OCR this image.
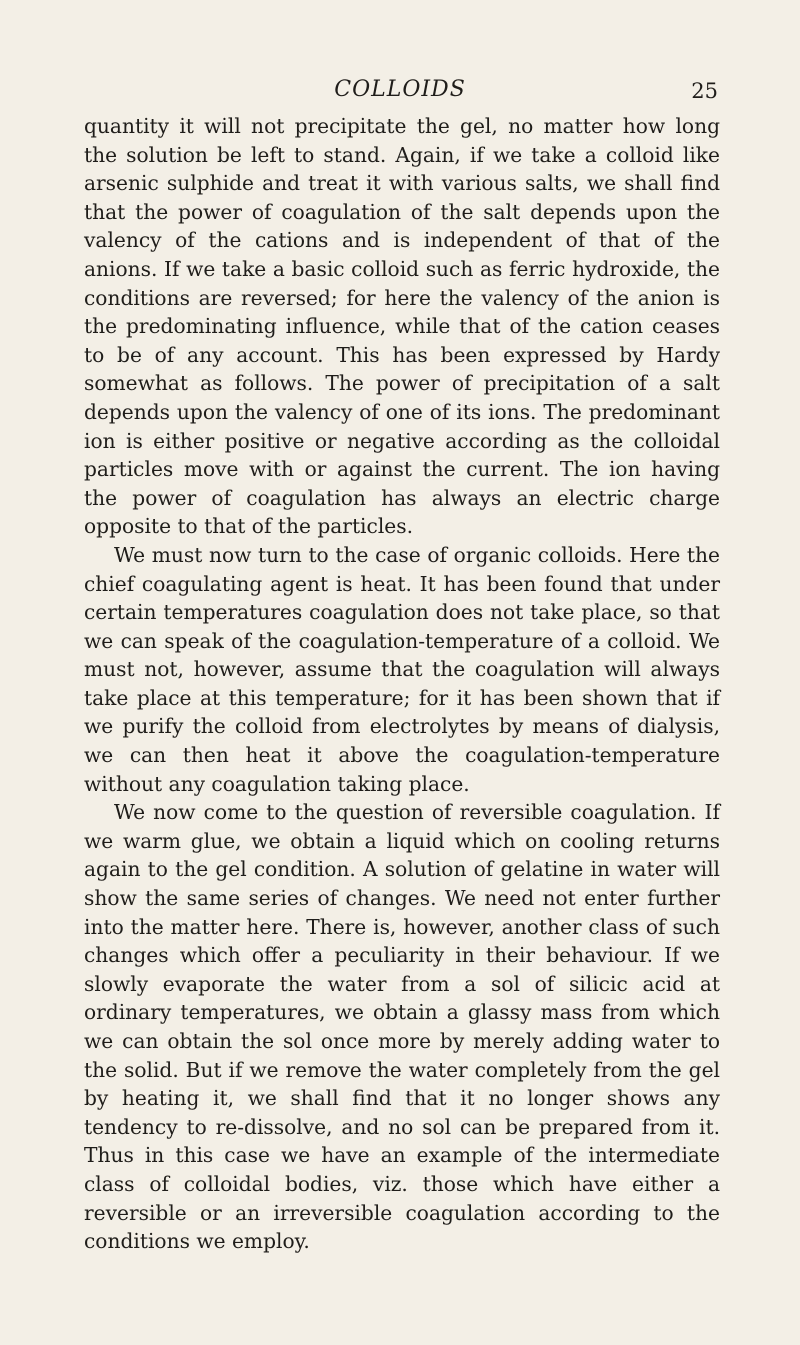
COLLOIDS	25

quantity it will not precipitate the gel, no matter how long the solution be left to stand. Again, if we take a colloid like arsenic sulphide and treat it with various salts, we shall find that the power of coagulation of the salt depends upon the valency of the cations and is independent of that of the anions. If we take a basic colloid such as ferric hydroxide, the conditions are reversed; for here the valency of the anion is the predominating influence, while that of the cation ceases to be of any account. This has been expressed by Hardy somewhat as follows. The power of precipitation of a salt depends upon the valency of one of its ions. The predominant ion is either positive or negative according as the colloidal particles move with or against the current. The ion having the power of coagulation has always an electric charge opposite to that of the particles.

We must now turn to the case of organic colloids. Here the chief coagulating agent is heat. It has been found that under certain temperatures coagulation does not take place, so that we can speak of the coagulation-temperature of a colloid. We must not, however, assume that the coagulation will always take place at this temperature; for it has been shown that if we purify the colloid from electrolytes by means of dialysis, we can then heat it above the coagulation-temperature without any coagulation taking place.

We now come to the question of reversible coagulation. If we warm glue, we obtain a liquid which on cooling returns again to the gel condition. A solution of gelatine in water will show the same series of changes. We need not enter further into the matter here. There is, however, another class of such changes which offer a peculiarity in their behaviour. If we slowly evaporate the water from a sol of silicic acid at ordinary temperatures, we obtain a glassy mass from which we can obtain the sol once more by merely adding water to the solid. But if we remove the water completely from the gel by heating it, we shall find that it no longer shows any tendency to re-dissolve, and no sol can be prepared from it. Thus in this case we have an example of the intermediate class of colloidal bodies, viz. those which have either a reversible or an irreversible coagulation according to the conditions we employ.
